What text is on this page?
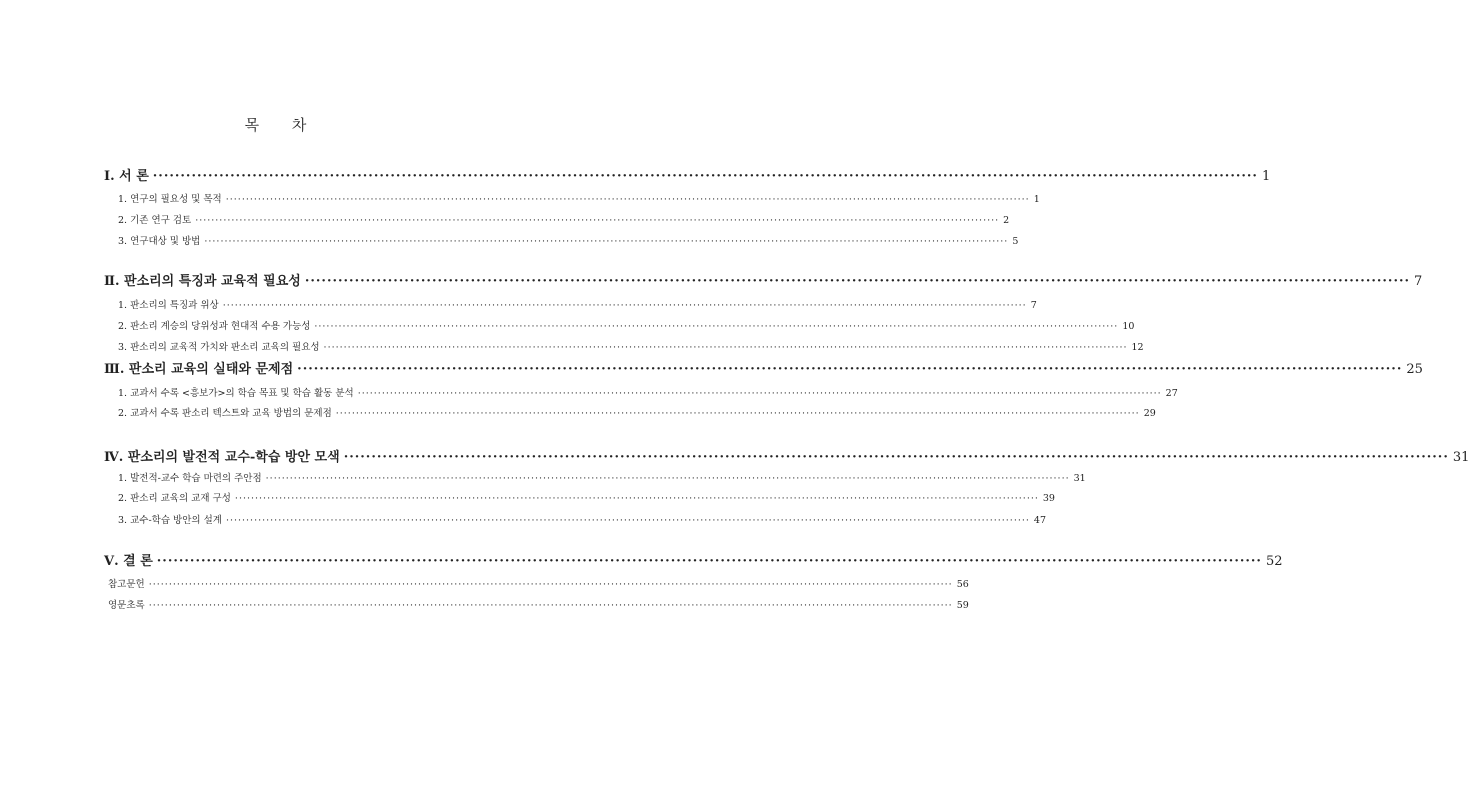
목 차
Ⅰ. 서 론 ········································································································································································································ 1
1. 연구의 필요성 및 목적 ········································································································································································································ 1
2. 기존 연구 검토 ········································································································································································································ 2
3. 연구대상 및 방법 ········································································································································································································ 5
Ⅱ. 판소리의 특징과 교육적 필요성 ········································································································································································································ 7
1. 판소리의 특징과 위상 ········································································································································································································ 7
2. 판소리 계승의 당위성과 현대적 수용 가능성 ········································································································································································································ 10
3. 판소리의 교육적 가치와 판소리 교육의 필요성 ········································································································································································································ 12
Ⅲ. 판소리 교육의 실태와 문제점 ········································································································································································································ 25
1. 교과서 수록 <흥보가>의 학습 목표 및 학습 활동 분석 ········································································································································································································ 27
2. 교과서 수록 판소리 텍스트와 교육 방법의 문제점 ········································································································································································································ 29
Ⅳ. 판소리의 발전적 교수-학습 방안 모색 ········································································································································································································ 31
1. 발전적-교수 학습 마련의 주안점 ········································································································································································································ 31
2. 판소리 교육의 교재 구성 ········································································································································································································ 39
3. 교수-학습 방안의 설계 ········································································································································································································ 47
Ⅴ. 결 론 ········································································································································································································ 52
참고문헌 ········································································································································································································ 56
영문초록 ········································································································································································································ 59
